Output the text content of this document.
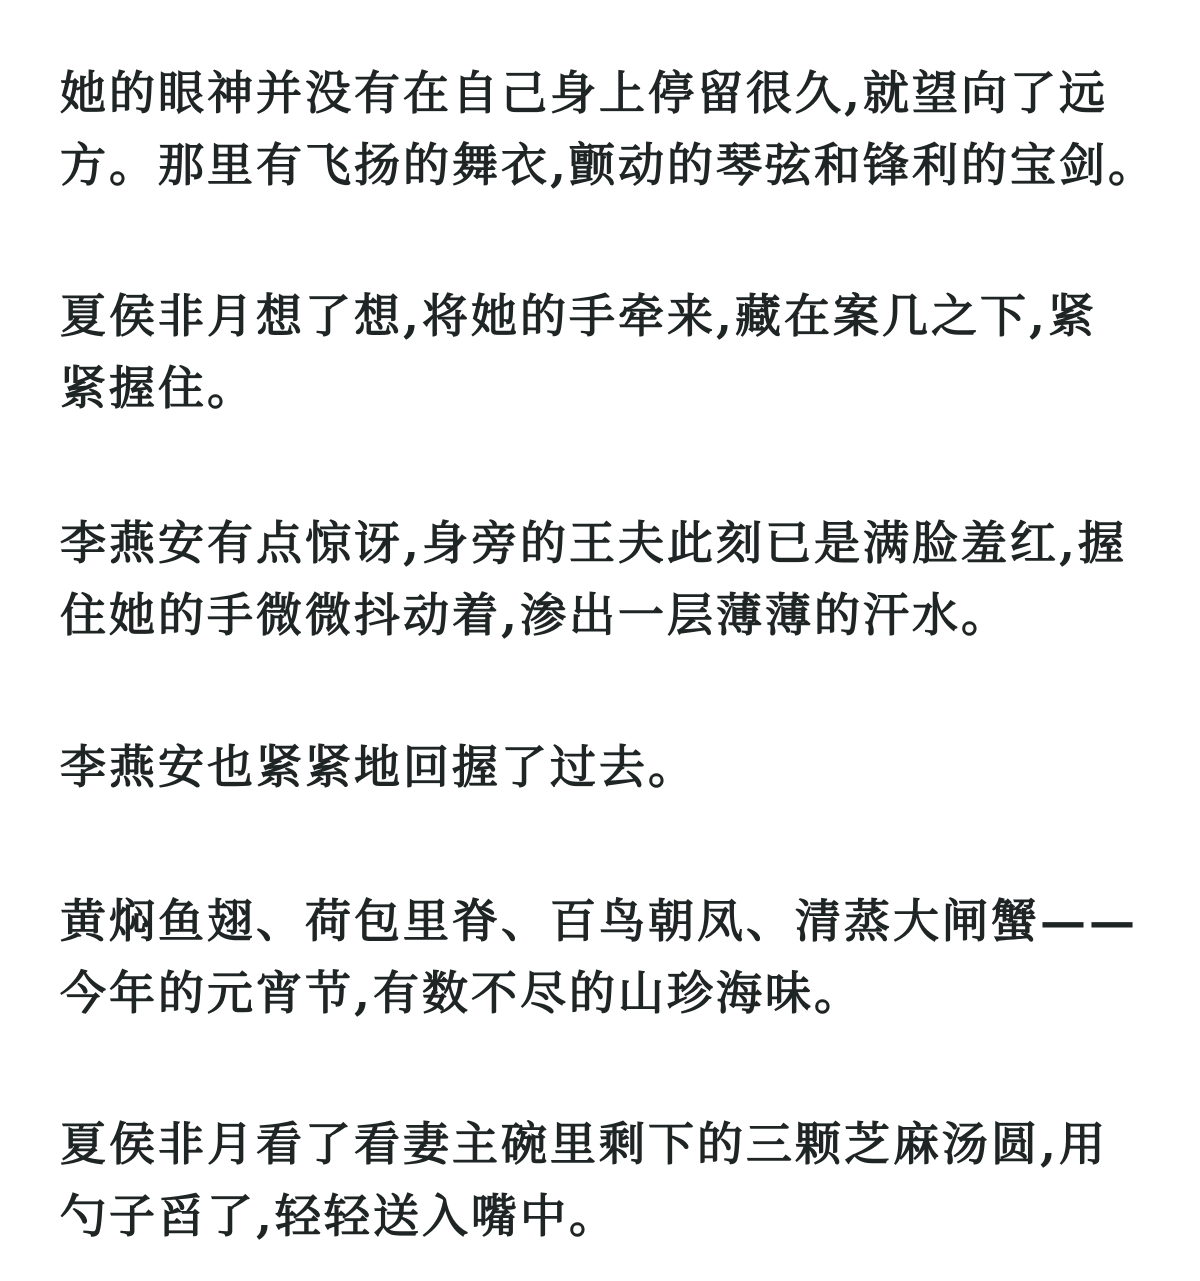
她的眼神并没有在自己身上停留很久,就望向了远
方。那里有飞扬的舞衣,颤动的琴弦和锋利的宝剑。
夏侯非月想了想,将她的手牵来,藏在案几之下,紧
紧握住。
李燕安有点惊讶,身旁的王夫此刻已是满脸羞红,握
住她的手微微抖动着,渗出一层薄薄的汗水。
李燕安也紧紧地回握了过去。
黄焖鱼翅、荷包里脊、百鸟朝凤、清蒸大闸蟹——
今年的元宵节,有数不尽的山珍海味。
夏侯非月看了看妻主碗里剩下的三颗芝麻汤圆,用
勺子舀了,轻轻送入嘴中。
